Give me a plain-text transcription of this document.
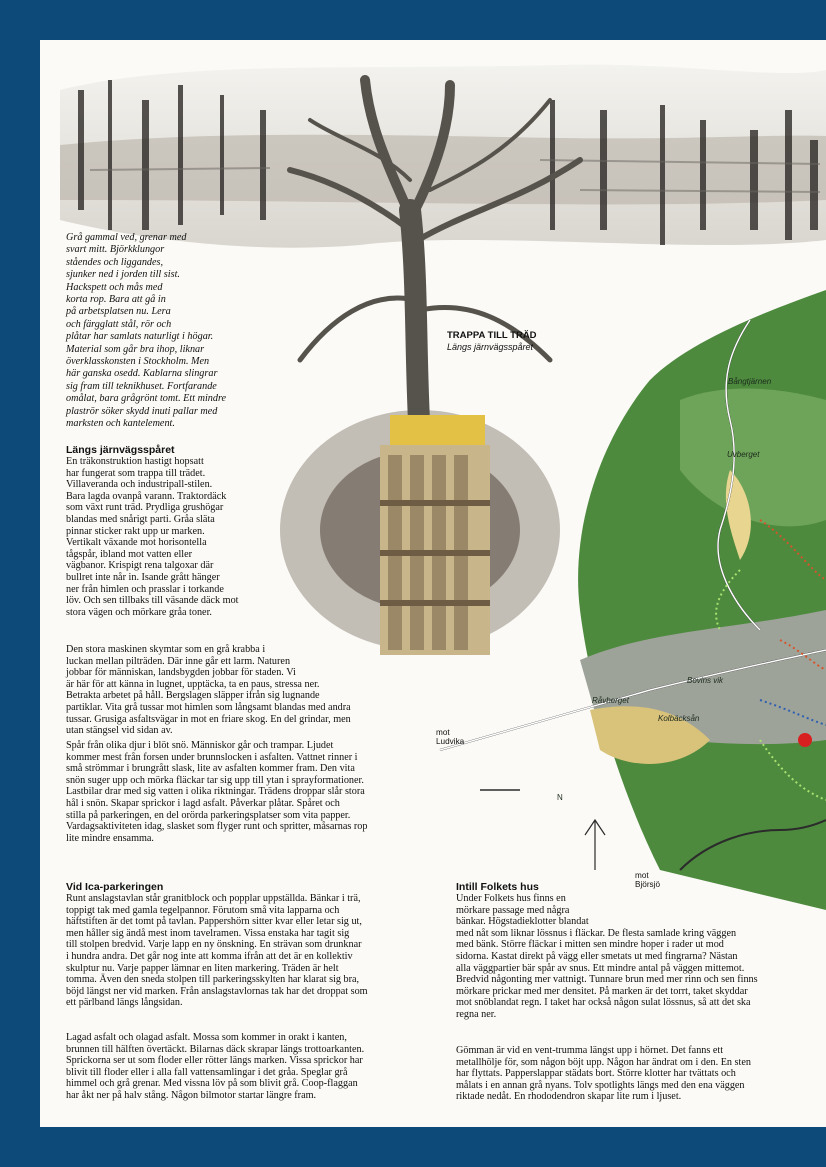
Bångtjärnen
Uvberget
Bovins vik
Råvberget
Kolbäcksån
N
mot
Ludvika
mot
Björsjö
Grå gammal ved, grenar med
svart mitt. Björkklungor
ståendes och liggandes,
sjunker ned i jorden till sist.
Hackspett och mås med
korta rop. Bara att gå in
på arbetsplatsen nu. Lera
och färgglatt stål, rör och
plåtar har samlats naturligt i högar.
Material som går bra ihop, liknar
överklasskonsten i Stockholm. Men
här ganska osedd. Kablarna slingrar
sig fram till teknikhuset. Fortfarande
omålat, bara grågrönt tomt. Ett mindre
plaströr söker skydd inuti pallar med
marksten och kantelement.
TRAPPA TILL TRÄD
Längs järnvägsspåret
Längs järnvägsspåret
En träkonstruktion hastigt hopsatt
har fungerat som trappa till trädet.
Villaveranda och industripall-stilen.
Bara lagda ovanpå varann. Traktordäck
som växt runt träd. Prydliga grushögar
blandas med snårigt parti. Gråa släta
pinnar sticker rakt upp ur marken.
Vertikalt växande mot horisontella
tågspår, ibland mot vatten eller
vägbanor. Krispigt rena talgoxar där
bullret inte når in. Isande grått hänger
ner från himlen och prasslar i torkande
löv. Och sen tillbaks till väsande däck mot
stora vägen och mörkare gråa toner.
Den stora maskinen skymtar som en grå krabba i
luckan mellan pilträden. Där inne går ett larm. Naturen
jobbar för människan, landsbygden jobbar för staden. Vi
är här för att känna in lugnet, upptäcka, ta en paus, stressa ner.
Betrakta arbetet på håll. Bergslagen släpper ifrån sig lugnande
partiklar. Vita grå tussar mot himlen som långsamt blandas med andra
tussar. Grusiga asfaltsvägar in mot en friare skog. En del grindar, men
utan stängsel vid sidan av.
Spår från olika djur i blöt snö. Människor går och trampar. Ljudet
kommer mest från forsen under brunnslocken i asfalten. Vattnet rinner i
små strömmar i brungrått slask, lite av asfalten kommer fram. Den vita
snön suger upp och mörka fläckar tar sig upp till ytan i sprayformationer.
Lastbilar drar med sig vatten i olika riktningar. Trädens droppar slår stora
hål i snön. Skapar sprickor i lagd asfalt. Påverkar plåtar. Spåret och
stilla på parkeringen, en del orörda parkeringsplatser som vita papper.
Vardagsaktiviteten idag, slasket som flyger runt och spritter, måsarnas rop
lite mindre ensamma.
Vid Ica-parkeringen
Runt anslagstavlan står granitblock och popplar uppställda. Bänkar i trä,
toppigt tak med gamla tegelpannor. Förutom små vita lapparna och
häftstiften är det tomt på tavlan. Pappershörn sitter kvar eller letar sig ut,
men håller sig ändå mest inom tavelramen. Vissa enstaka har tagit sig
till stolpen bredvid. Varje lapp en ny önskning. En strävan som drunknar
i hundra andra. Det går nog inte att komma ifrån att det är en kollektiv
skulptur nu. Varje papper lämnar en liten markering. Träden är helt
tomma. Även den sneda stolpen till parkeringsskylten har klarat sig bra,
böjd längst ner vid marken. Från anslagstavlornas tak har det droppat som
ett pärlband längs långsidan.
Lagad asfalt och olagad asfalt. Mossa som kommer in orakt i kanten,
brunnen till hälften övertäckt. Bilarnas däck skrapar längs trottoarkanten.
Sprickorna ser ut som floder eller rötter längs marken. Vissa sprickor har
blivit till floder eller i alla fall vattensamlingar i det gråa. Speglar grå
himmel och grå grenar. Med vissna löv på som blivit grå. Coop-flaggan
har åkt ner på halv stång. Någon bilmotor startar längre fram.
Intill Folkets hus
Under Folkets hus finns en
mörkare passage med några
bänkar. Högstadieklotter blandat
med nåt som liknar lössnus i fläckar. De flesta samlade kring väggen
med bänk. Större fläckar i mitten sen mindre hoper i rader ut mod
sidorna. Kastat direkt på vägg eller smetats ut med fingrarna? Nästan
alla väggpartier bär spår av snus. Ett mindre antal på väggen mittemot.
Bredvid någonting mer vattnigt. Tunnare brun med mer rinn och sen finns
mörkare prickar med mer densitet. På marken är det torrt, taket skyddar
mot snöblandat regn. I taket har också någon sulat lössnus, så att det ska
regna ner.
Gömman är vid en vent-trumma längst upp i hörnet. Det fanns ett
metallhölje för, som någon böjt upp. Någon har ändrat om i den. En sten
har flyttats. Papperslappar städats bort. Större klotter har tvättats och
målats i en annan grå nyans. Tolv spotlights längs med den ena väggen
riktade nedåt. En rhododendron skapar lite rum i ljuset.
